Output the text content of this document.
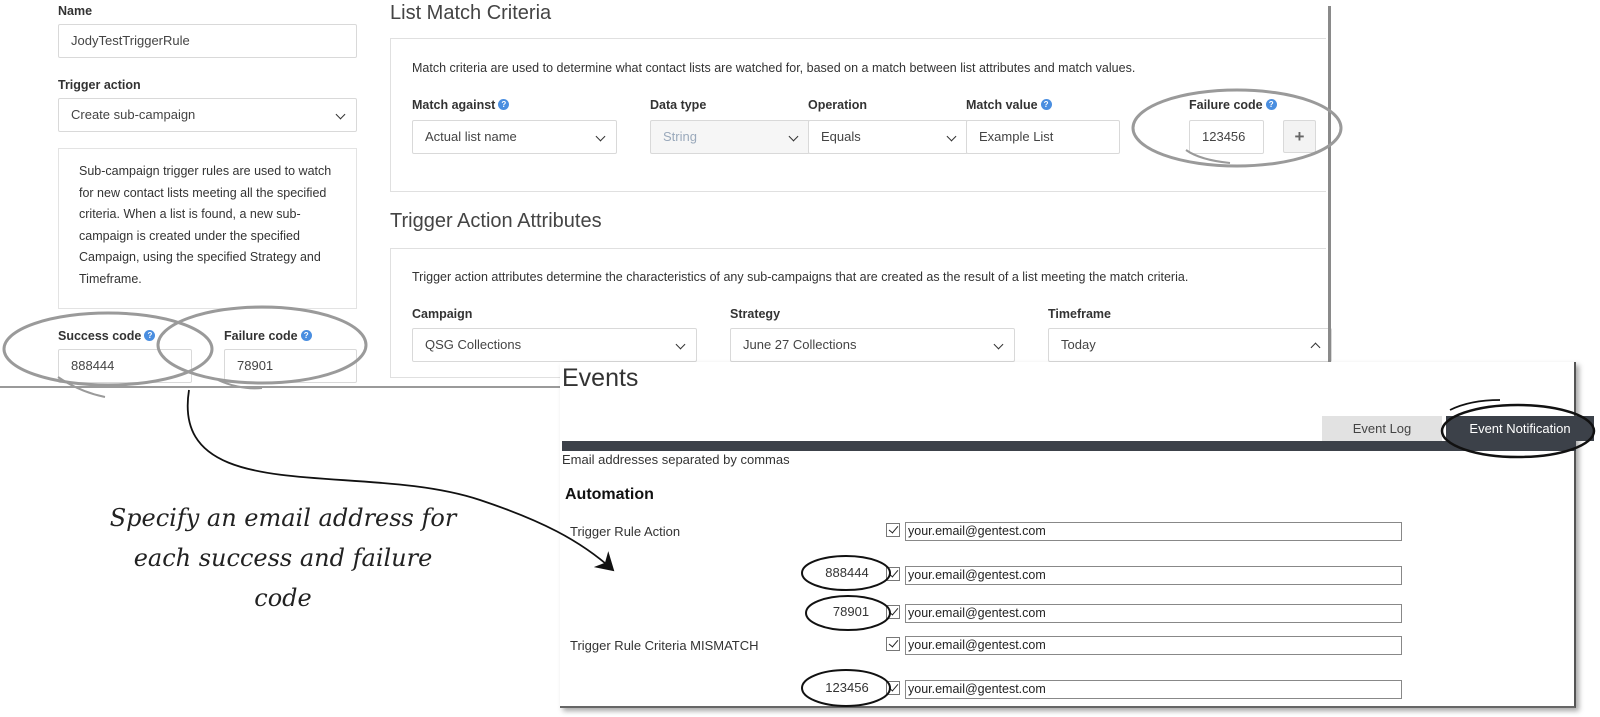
Name
JodyTestTriggerRule
Trigger action
Create sub-campaign
Sub-campaign trigger rules are used to watch for new contact lists meeting all the specified criteria. When a list is found, a new sub-campaign is created under the specified Campaign, using the specified Strategy and Timeframe.
Success code ?
888444
Failure code ?
78901
List Match Criteria
Match criteria are used to determine what contact lists are watched for, based on a match between list attributes and match values.
Match against ?
Actual list name
Data type
String
Operation
Equals
Match value ?
Example List
Failure code ?
123456	+
Trigger Action Attributes
Trigger action attributes determine the characteristics of any sub-campaigns that are created as the result of a list meeting the match criteria.
Campaign
QSG Collections
Strategy
June 27 Collections
Timeframe
Today
Events
Event Log	Event Notification
Email addresses separated by commas
Automation
Trigger Rule Action	your.email@gentest.com
888444	your.email@gentest.com
78901	your.email@gentest.com
Trigger Rule Criteria MISMATCH	your.email@gentest.com
123456	your.email@gentest.com
Specify an email address for
each success and failure code
